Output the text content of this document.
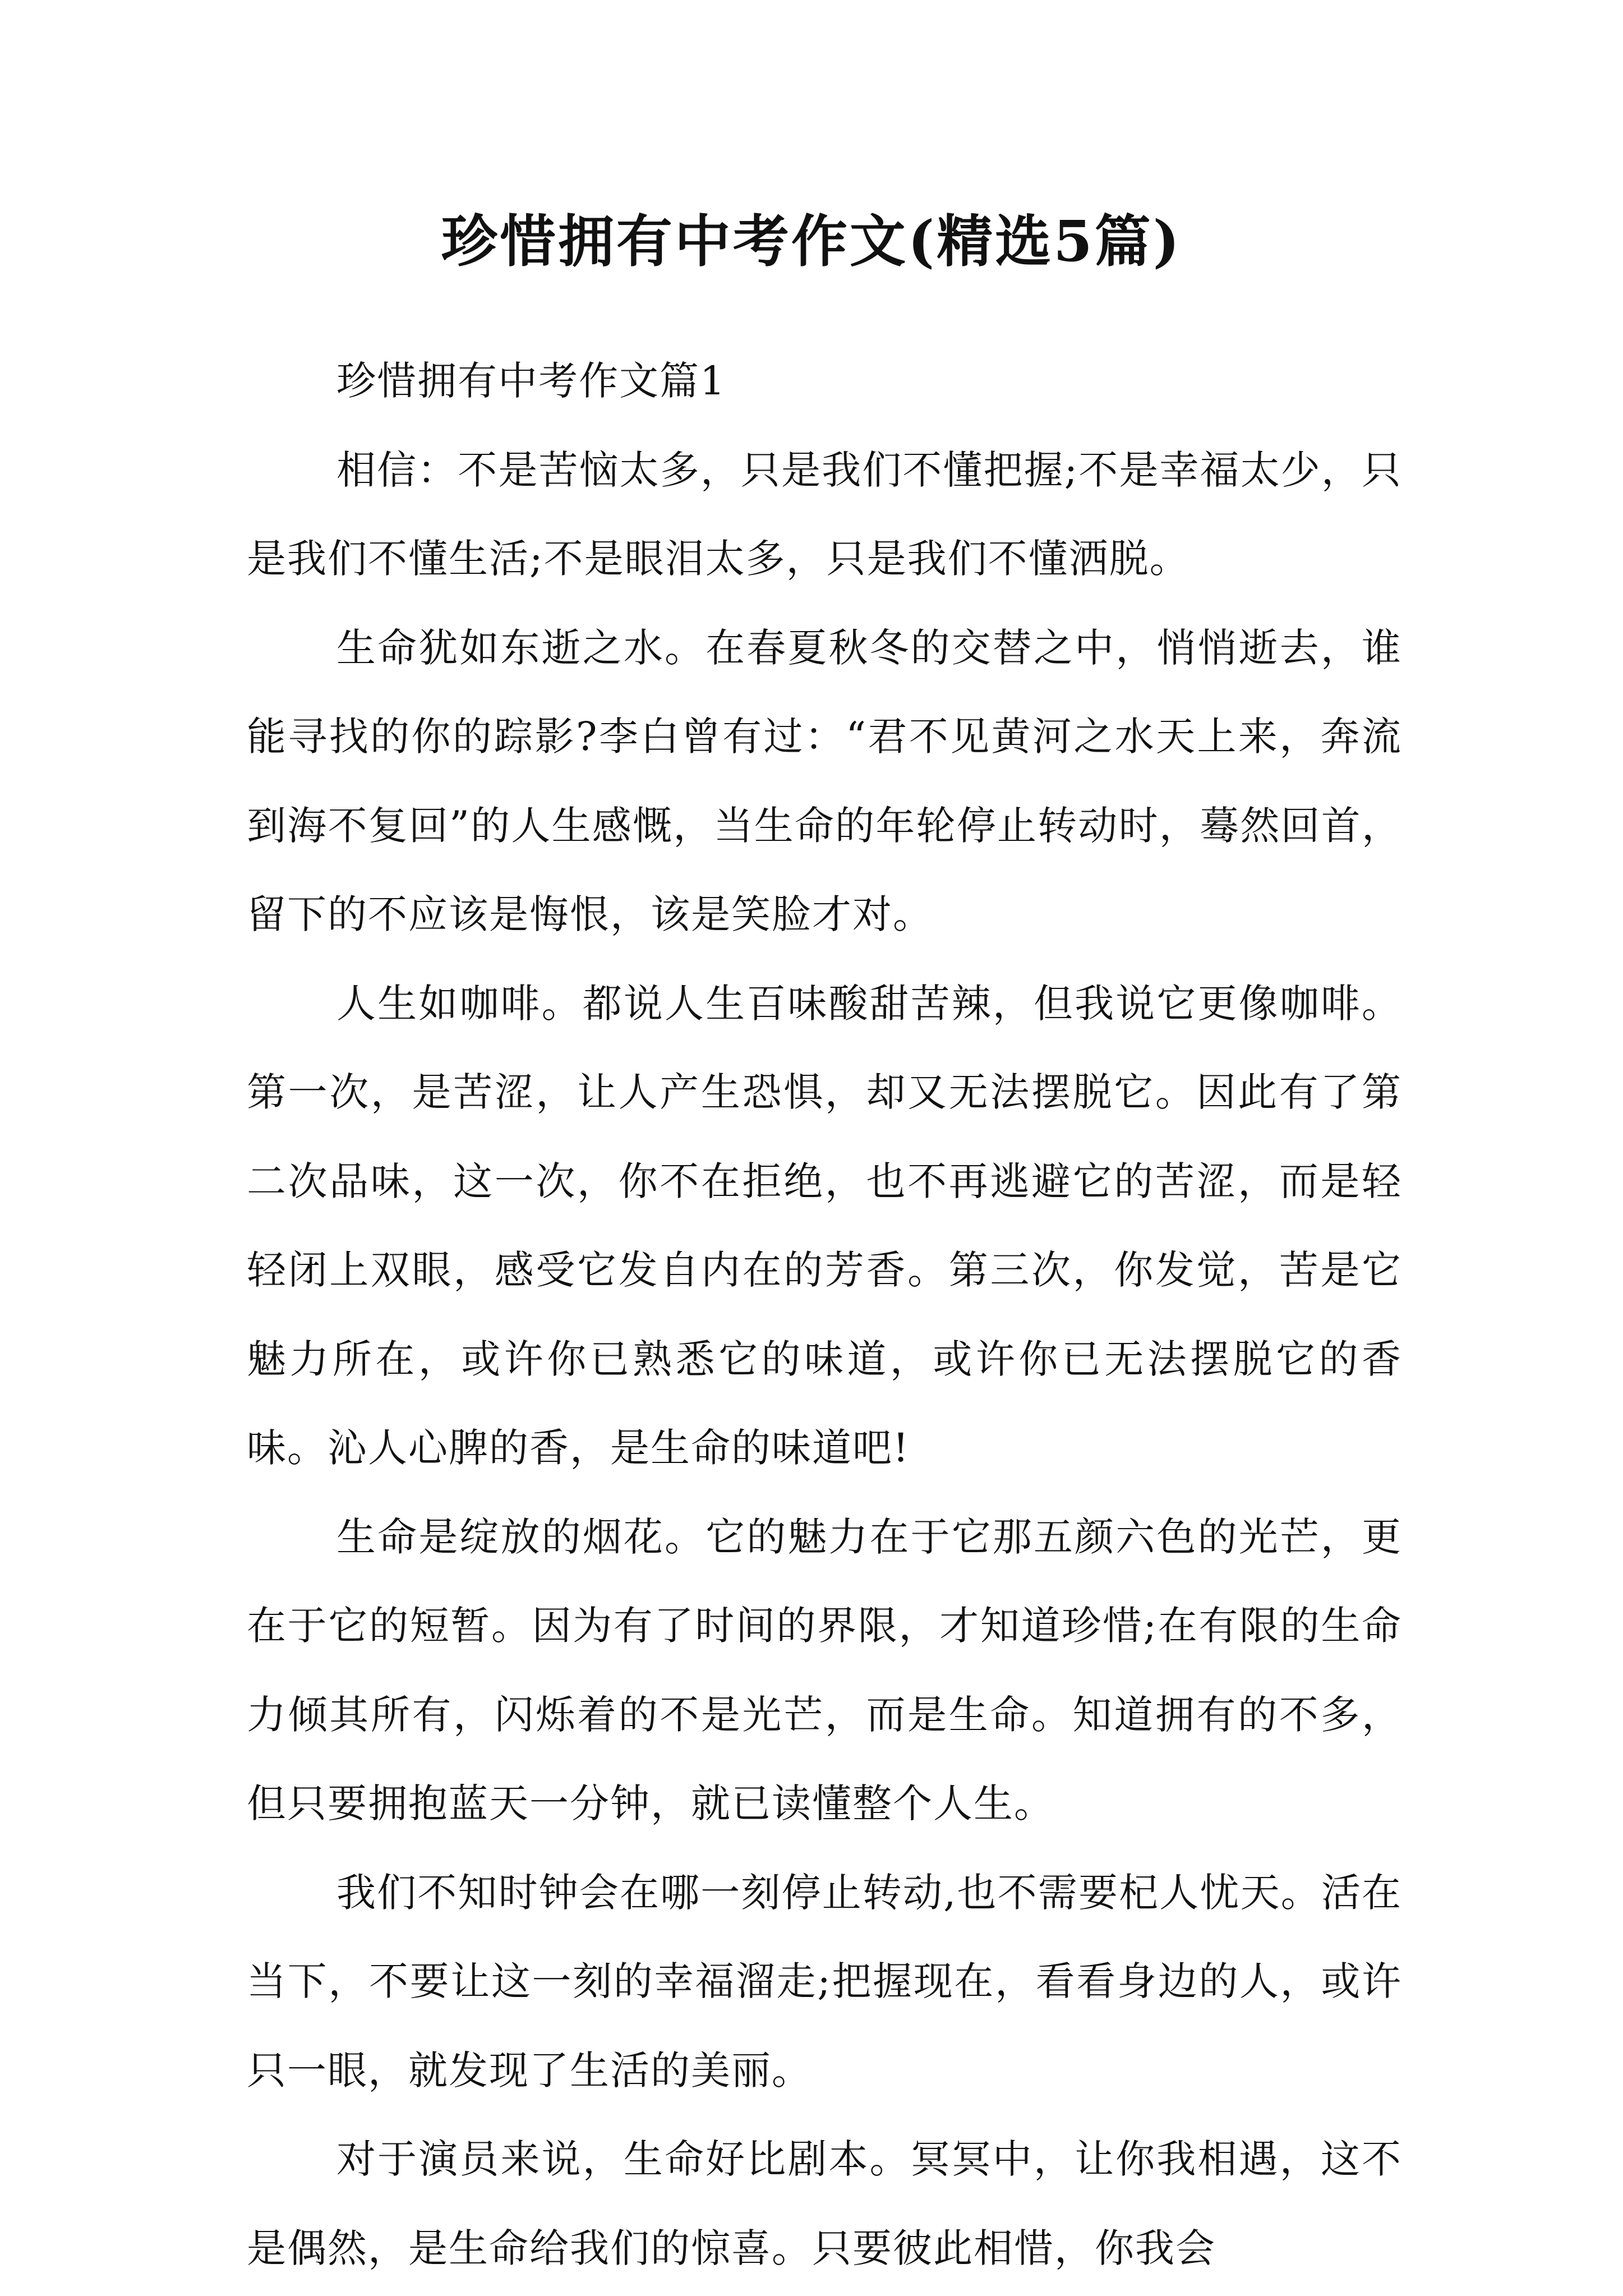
珍惜拥有中考作文(精选5篇)

珍惜拥有中考作文篇1

相信：不是苦恼太多，只是我们不懂把握;不是幸福太少，只是我们不懂生活;不是眼泪太多，只是我们不懂洒脱。

生命犹如东逝之水。在春夏秋冬的交替之中，悄悄逝去，谁能寻找的你的踪影?李白曾有过：“君不见黄河之水天上来，奔流到海不复回”的人生感慨，当生命的年轮停止转动时，蓦然回首，留下的不应该是悔恨，该是笑脸才对。

人生如咖啡。都说人生百味酸甜苦辣，但我说它更像咖啡。第一次，是苦涩，让人产生恐惧，却又无法摆脱它。因此有了第二次品味，这一次，你不在拒绝，也不再逃避它的苦涩，而是轻轻闭上双眼，感受它发自内在的芳香。第三次，你发觉，苦是它魅力所在，或许你已熟悉它的味道，或许你已无法摆脱它的香味。沁人心脾的香，是生命的味道吧!

生命是绽放的烟花。它的魅力在于它那五颜六色的光芒，更在于它的短暂。因为有了时间的界限，才知道珍惜;在有限的生命力倾其所有，闪烁着的不是光芒，而是生命。知道拥有的不多，但只要拥抱蓝天一分钟，就已读懂整个人生。

我们不知时钟会在哪一刻停止转动,也不需要杞人忧天。活在当下，不要让这一刻的幸福溜走;把握现在，看看身边的人，或许只一眼，就发现了生活的美丽。

对于演员来说，生命好比剧本。冥冥中，让你我相遇，这不是偶然，是生命给我们的惊喜。只要彼此相惜，你我会
